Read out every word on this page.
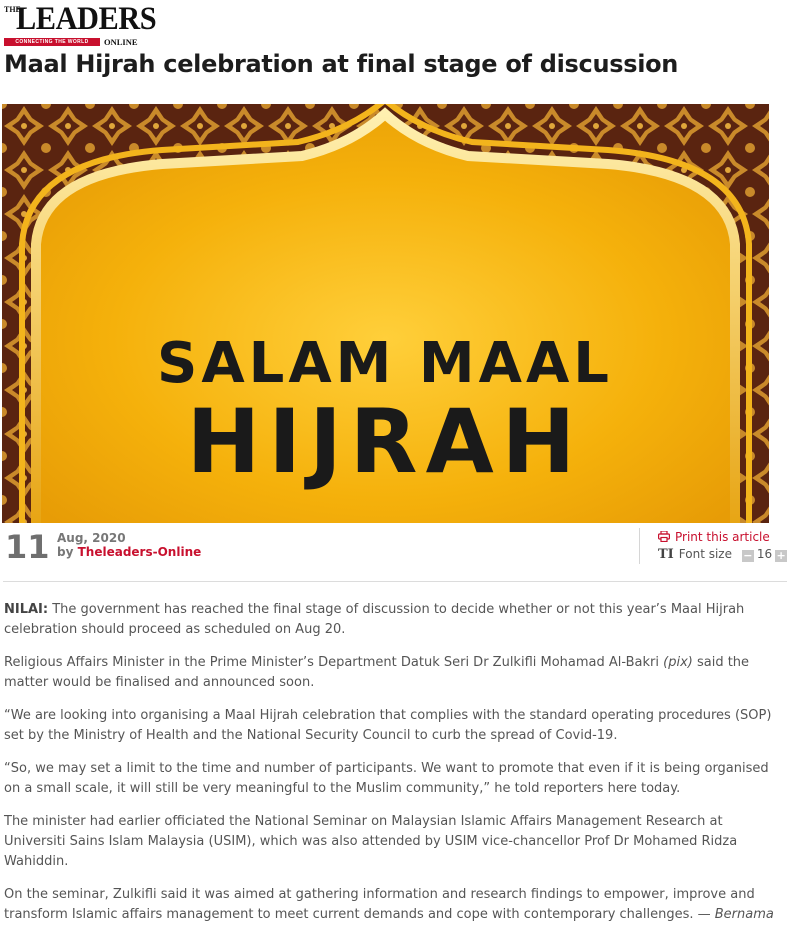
THE
LEADERS
CONNECTING THE WORLD	ONLINE
Maal Hijrah celebration at final stage of discussion
SALAM MAAL
HIJRAH
11 Aug, 2020
by Theleaders-Online
Print this article
TI Font size − 16 +

NILAI: The government has reached the final stage of discussion to decide whether or not this year’s Maal Hijrah celebration should proceed as scheduled on Aug 20.

Religious Affairs Minister in the Prime Minister’s Department Datuk Seri Dr Zulkifli Mohamad Al-Bakri (pix) said the matter would be finalised and announced soon.

“We are looking into organising a Maal Hijrah celebration that complies with the standard operating procedures (SOP) set by the Ministry of Health and the National Security Council to curb the spread of Covid-19.

“So, we may set a limit to the time and number of participants. We want to promote that even if it is being organised on a small scale, it will still be very meaningful to the Muslim community,” he told reporters here today.

The minister had earlier officiated the National Seminar on Malaysian Islamic Affairs Management Research at Universiti Sains Islam Malaysia (USIM), which was also attended by USIM vice-chancellor Prof Dr Mohamed Ridza Wahiddin.

On the seminar, Zulkifli said it was aimed at gathering information and research findings to empower, improve and transform Islamic affairs management to meet current demands and cope with contemporary challenges. — Bernama
